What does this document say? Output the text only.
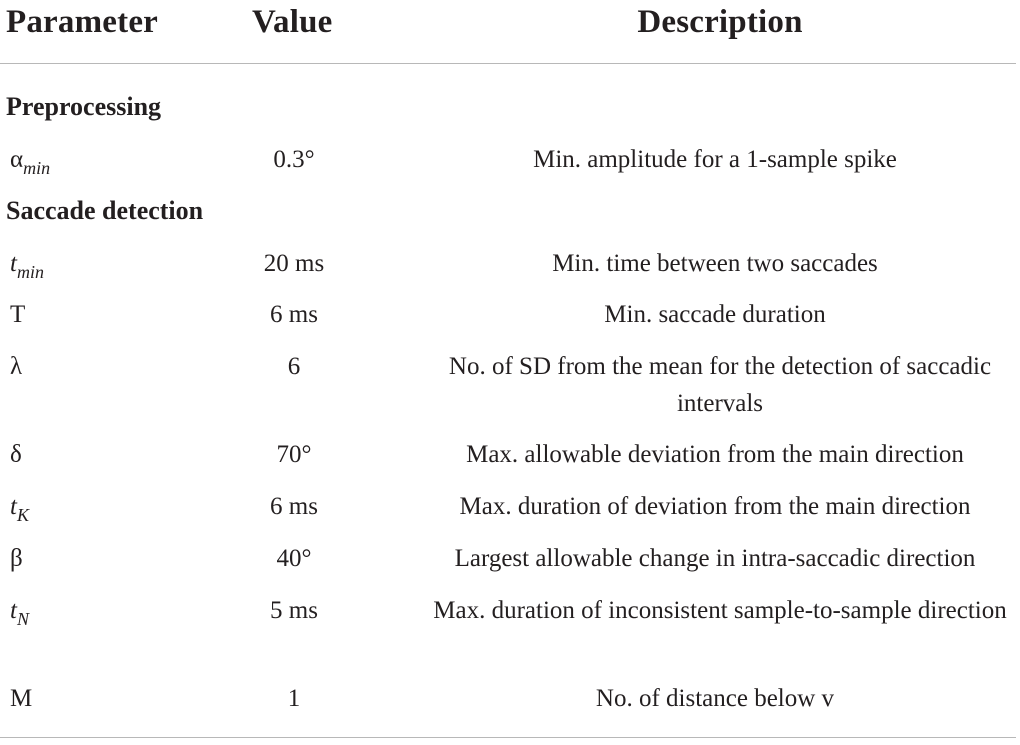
Parameter	Value	Description
Preprocessing
$\alpha_{min}$	0.3°	Min. amplitude for a 1-sample spike
Saccade detection
$t_{min}$	20 ms	Min. time between two saccades
T	6 ms	Min. saccade duration
λ	6	No. of SD from the mean for the detection of saccadic intervals
δ	70°	Max. allowable deviation from the main direction
$t_K$	6 ms	Max. duration of deviation from the main direction
β	40°	Largest allowable change in intra-saccadic direction
$t_N$	5 ms	Max. duration of inconsistent sample-to-sample direction
M	1	No. of distance below v
